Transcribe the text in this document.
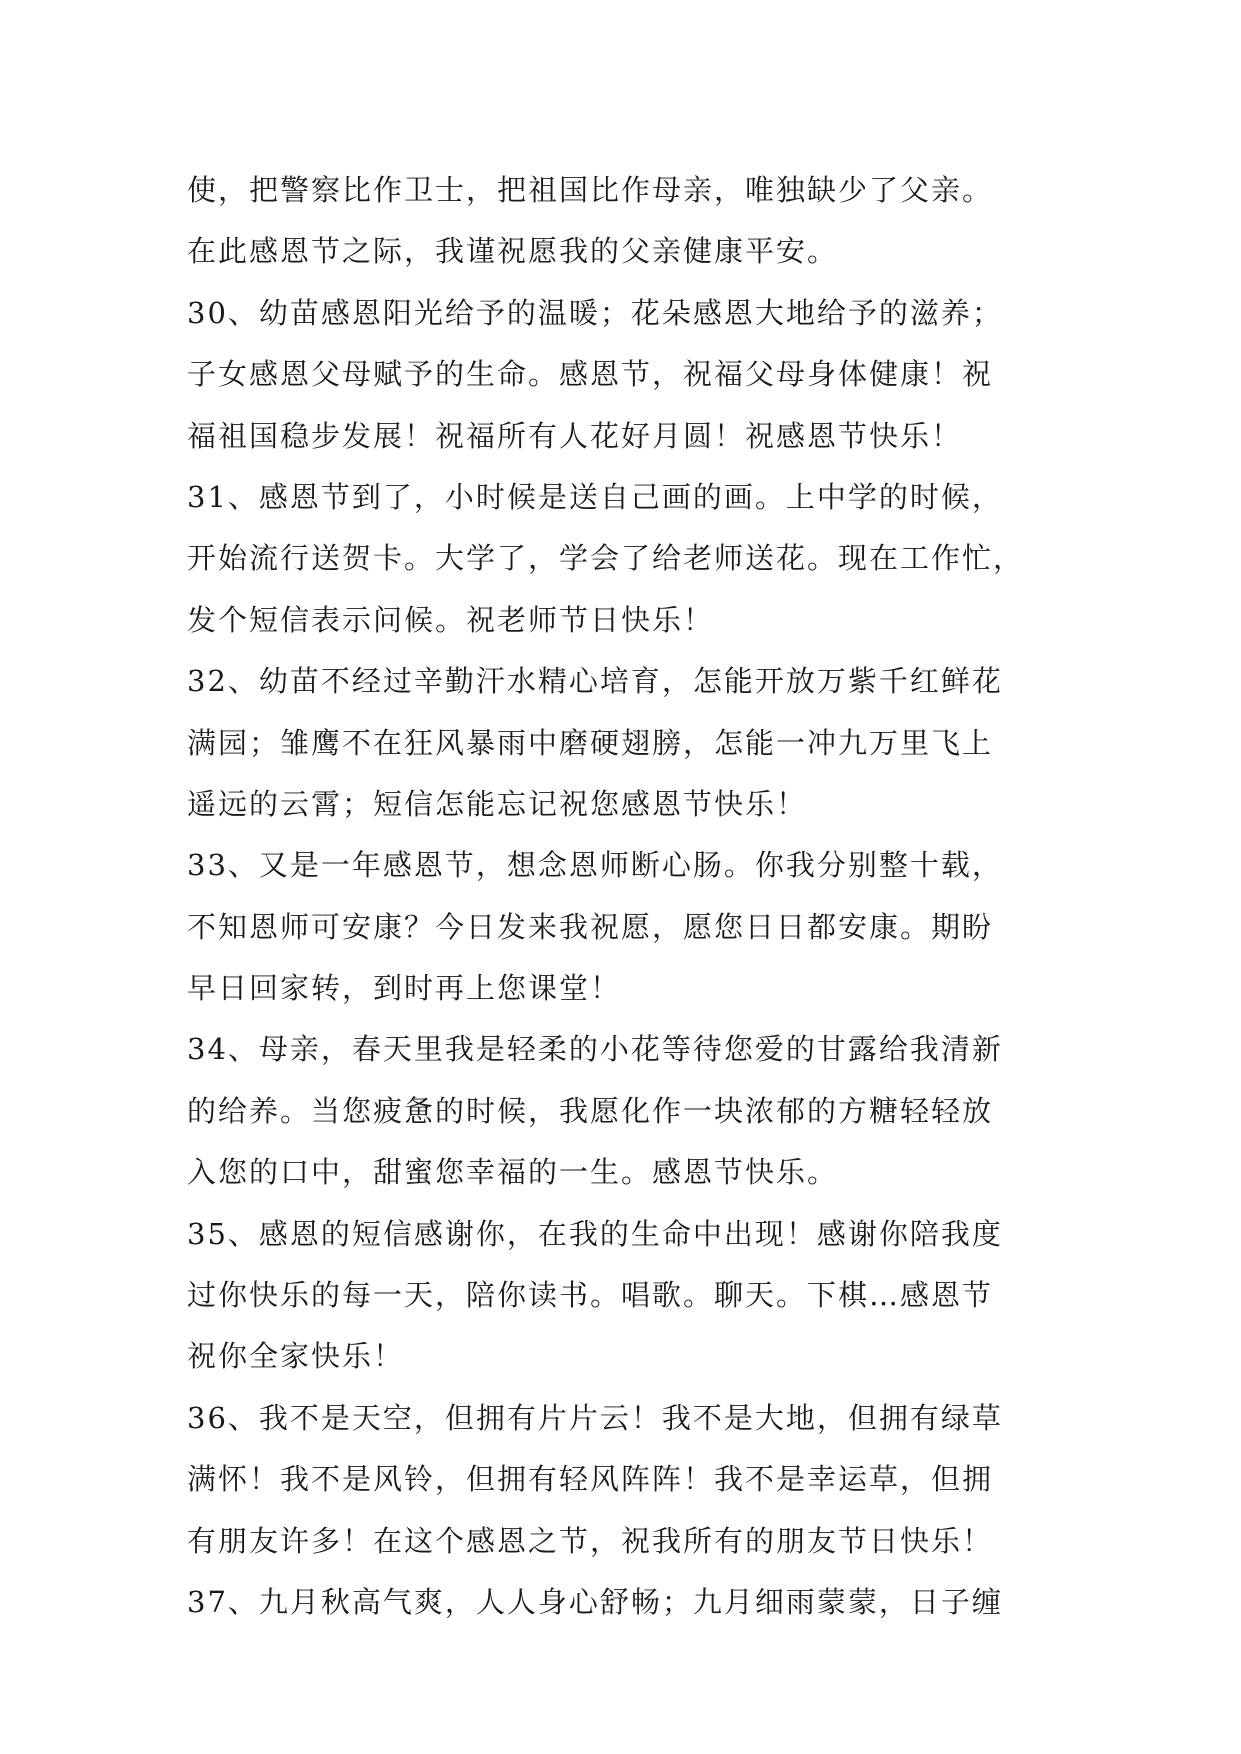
使，把警察比作卫士，把祖国比作母亲，唯独缺少了父亲。
在此感恩节之际，我谨祝愿我的父亲健康平安。
30、幼苗感恩阳光给予的温暖；花朵感恩大地给予的滋养；
子女感恩父母赋予的生命。感恩节，祝福父母身体健康！祝
福祖国稳步发展！祝福所有人花好月圆！祝感恩节快乐！
31、感恩节到了，小时候是送自己画的画。上中学的时候，
开始流行送贺卡。大学了，学会了给老师送花。现在工作忙，
发个短信表示问候。祝老师节日快乐！
32、幼苗不经过辛勤汗水精心培育，怎能开放万紫千红鲜花
满园；雏鹰不在狂风暴雨中磨硬翅膀，怎能一冲九万里飞上
遥远的云霄；短信怎能忘记祝您感恩节快乐！
33、又是一年感恩节，想念恩师断心肠。你我分别整十载，
不知恩师可安康？今日发来我祝愿，愿您日日都安康。期盼
早日回家转，到时再上您课堂！
34、母亲，春天里我是轻柔的小花等待您爱的甘露给我清新
的给养。当您疲惫的时候，我愿化作一块浓郁的方糖轻轻放
入您的口中，甜蜜您幸福的一生。感恩节快乐。
35、感恩的短信感谢你，在我的生命中出现！感谢你陪我度
过你快乐的每一天，陪你读书。唱歌。聊天。下棋…感恩节
祝你全家快乐！
36、我不是天空，但拥有片片云！我不是大地，但拥有绿草
满怀！我不是风铃，但拥有轻风阵阵！我不是幸运草，但拥
有朋友许多！在这个感恩之节，祝我所有的朋友节日快乐！
37、九月秋高气爽，人人身心舒畅；九月细雨蒙蒙，日子缠
